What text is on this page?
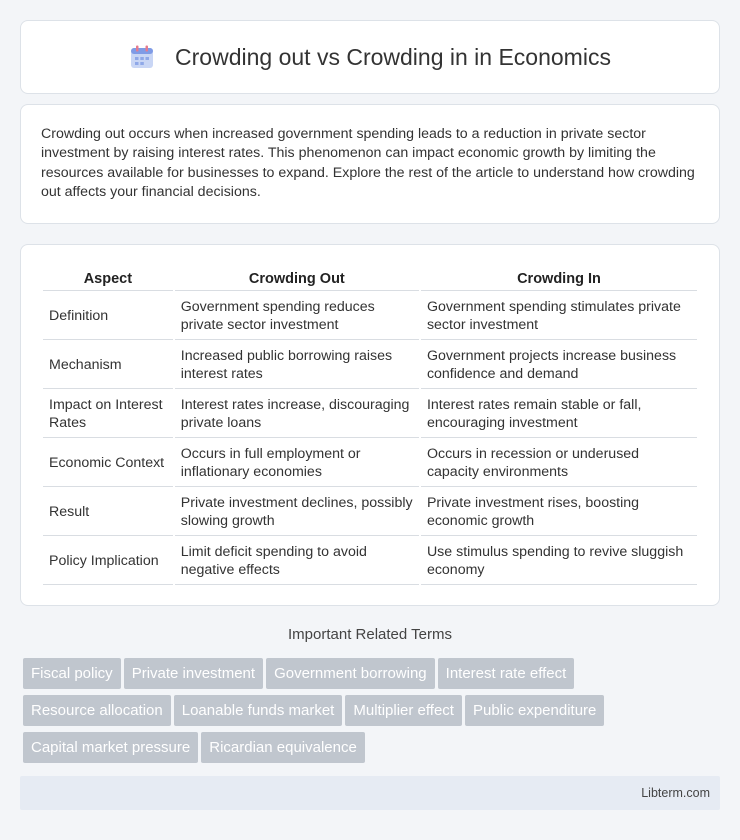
Crowding out vs Crowding in in Economics

Crowding out occurs when increased government spending leads to a reduction in private sector investment by raising interest rates. This phenomenon can impact economic growth by limiting the resources available for businesses to expand. Explore the rest of the article to understand how crowding out affects your financial decisions.

Aspect	Crowding Out	Crowding In
Definition	Government spending reduces private sector investment	Government spending stimulates private sector investment
Mechanism	Increased public borrowing raises interest rates	Government projects increase business confidence and demand
Impact on Interest Rates	Interest rates increase, discouraging private loans	Interest rates remain stable or fall, encouraging investment
Economic Context	Occurs in full employment or inflationary economies	Occurs in recession or underused capacity environments
Result	Private investment declines, possibly slowing growth	Private investment rises, boosting economic growth
Policy Implication	Limit deficit spending to avoid negative effects	Use stimulus spending to revive sluggish economy
Important Related Terms
Fiscal policy Private investment Government borrowing Interest rate effect
Resource allocation Loanable funds market Multiplier effect Public expenditure
Capital market pressure Ricardian equivalence
Libterm.com
